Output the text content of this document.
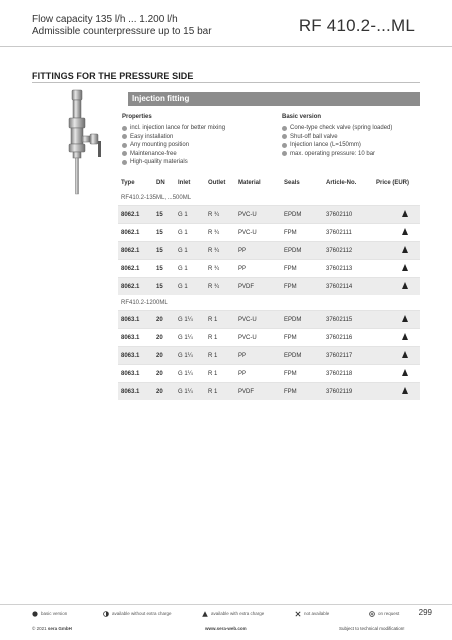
Flow capacity 135 l/h ... 1.200 l/h
Admissible counterpressure up to 15 bar	RF 410.2-...ML
FITTINGS FOR THE PRESSURE SIDE
Injection fitting
Properties
incl. injection lance for better mixing
Easy installation
Any mounting position
Maintenance-free
High-quality materials
Basic version
Cone-type check valve (spring loaded)
Shut-off ball valve
Injection lance (L=150mm)
max. operating pressure: 10 bar
Type	DN	Inlet	Outlet	Material	Seals	Article-No.	Price (EUR)
RF410.2-135ML, ...500ML							
8062.1	15	G 1	R ¾	PVC-U	EPDM	37602110	
8062.1	15	G 1	R ¾	PVC-U	FPM	37602111	
8062.1	15	G 1	R ¾	PP	EPDM	37602112	
8062.1	15	G 1	R ¾	PP	FPM	37602113	
8062.1	15	G 1	R ¾	PVDF	FPM	37602114	
RF410.2-1200ML							
8063.1	20	G 1¼	R 1	PVC-U	EPDM	37602115	
8063.1	20	G 1¼	R 1	PVC-U	FPM	37602116	
8063.1	20	G 1¼	R 1	PP	EPDM	37602117	
8063.1	20	G 1¼	R 1	PP	FPM	37602118	
8063.1	20	G 1¼	R 1	PVDF	FPM	37602119	
basic version	available without extra charge	available with extra charge	not available	on request 299
© 2021 sera GmbH	www.sera-web.com	Subject to technical modification!
